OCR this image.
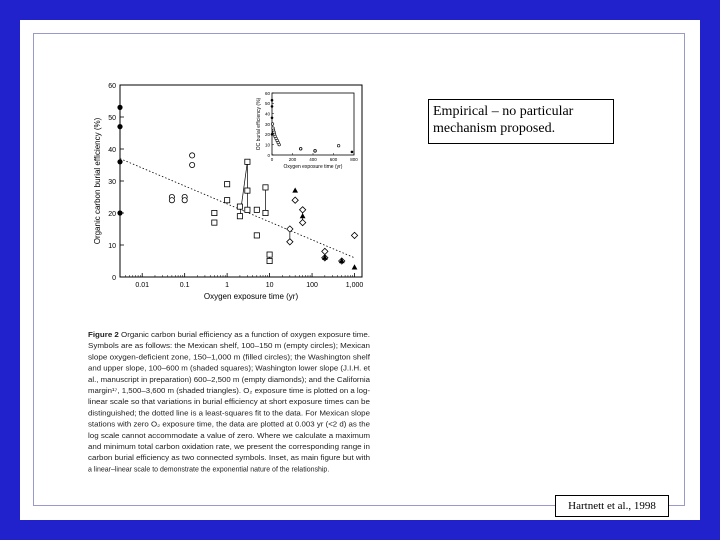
0
10
20
30
40
50
60
0.01	0.1	1	10	100	1,000
Oxygen exposure time (yr)
Organic carbon burial efficiency (%)	0
10
20
30
40
50
60
0	200	400	600	800
Oxygen exposure time (yr)
OC burial efficiency (%)
Figure 2 Organic carbon burial efficiency as a function of oxygen exposure time.
Symbols are as follows: the Mexican shelf, 100–150 m (empty circles); Mexican
slope oxygen-deficient zone, 150–1,000 m (filled circles); the Washington shelf
and upper slope, 100–600 m (shaded squares); Washington lower slope (J.I.H. et
al., manuscript in preparation) 600–2,500 m (empty diamonds); and the California
margin¹⁷, 1,500–3,600 m (shaded triangles). O₂ exposure time is plotted on a log-
linear scale so that variations in burial efficiency at short exposure times can be
distinguished; the dotted line is a least-squares fit to the data. For Mexican slope
stations with zero O₂ exposure time, the data are plotted at 0.003 yr (<2 d) as the
log scale cannot accommodate a value of zero. Where we calculate a maximum
and minimum total carbon oxidation rate, we present the corresponding range in
carbon burial efficiency as two connected symbols. Inset, as main figure but with
a linear–linear scale to demonstrate the exponential nature of the relationship.
Empirical – no particular mechanism proposed.
Hartnett et al., 1998
